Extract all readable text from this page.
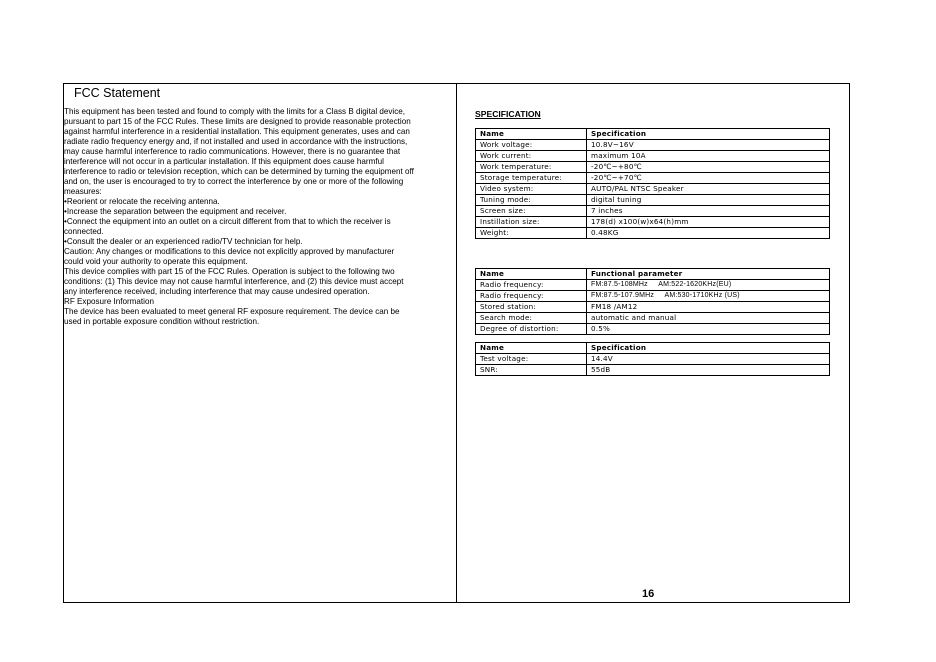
FCC Statement

This equipment has been tested and found to comply with the limits for a Class B digital device,
pursuant to part 15 of the FCC Rules. These limits are designed to provide reasonable protection
against harmful interference in a residential installation. This equipment generates, uses and can
radiate radio frequency energy and, if not installed and used in accordance with the instructions,
may cause harmful interference to radio communications. However, there is no guarantee that
interference will not occur in a particular installation. If this equipment does cause harmful
interference to radio or television reception, which can be determined by turning the equipment off
and on, the user is encouraged to try to correct the interference by one or more of the following
measures:

•Reorient or relocate the receiving antenna.

•Increase the separation between the equipment and receiver.

•Connect the equipment into an outlet on a circuit different from that to which the receiver is
connected.

•Consult the dealer or an experienced radio/TV technician for help.

Caution: Any changes or modifications to this device not explicitly approved by manufacturer
could void your authority to operate this equipment.

This device complies with part 15 of the FCC Rules. Operation is subject to the following two
conditions: (1) This device may not cause harmful interference, and (2) this device must accept
any interference received, including interference that may cause undesired operation.

RF Exposure Information

The device has been evaluated to meet general RF exposure requirement. The device can be
used in portable exposure condition without restriction.

SPECIFICATION
Name	Specification
Work voltage:	10.8V~16V
Work current:	maximum 10A
Work temperature:	-20℃~+80℃
Storage temperature:	-20℃~+70℃
Video system:	AUTO/PAL NTSC Speaker
Tuning mode:	digital tuning
Screen size:	7 inches
Instillation size:	178(d) x100(w)x64(h)mm
Weight:	0.48KG
Name	Functional parameter
Radio frequency:	FM:87.5-108MHz     AM:522-1620KHz(EU)
Radio frequency:	FM:87.5-107.9MHz     AM:530-1710KHz (US)
Stored station:	FM18 /AM12
Search mode:	automatic and manual
Degree of distortion:	0.5%
Name	Specification
Test voltage:	14.4V
SNR:	55dB
16
